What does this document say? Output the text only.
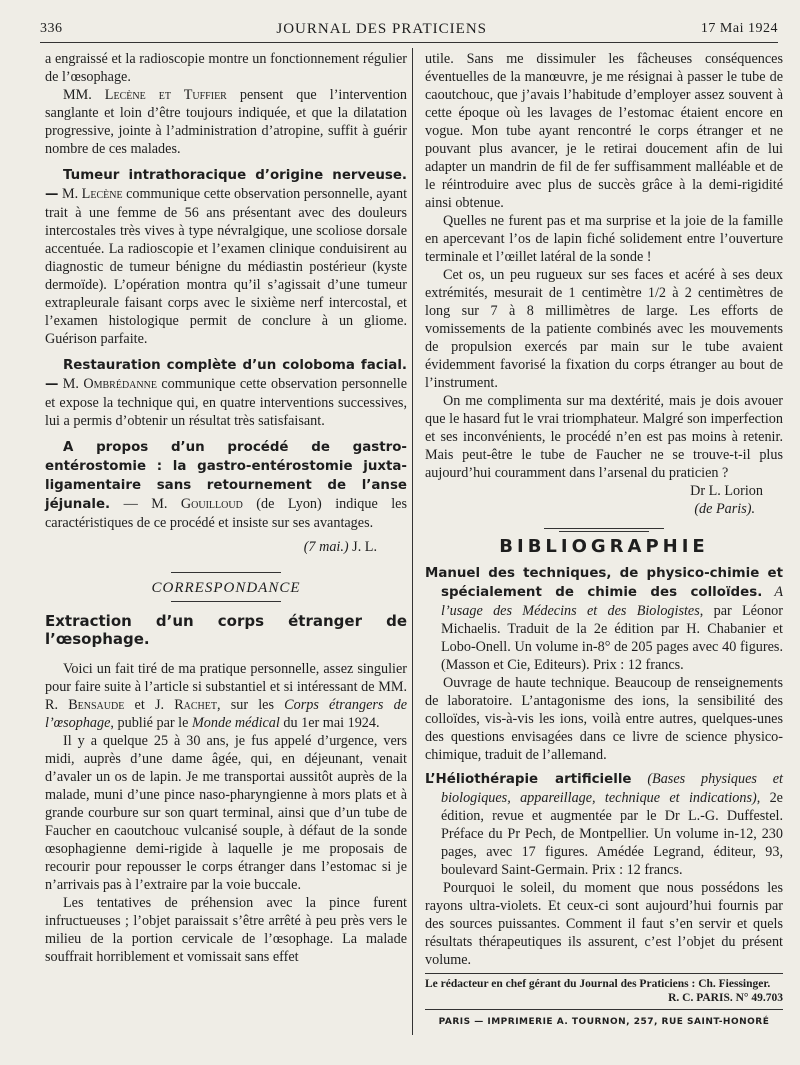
336	JOURNAL DES PRATICIENS	17 Mai 1924

a engraissé et la radioscopie montre un fonctionnement régulier de l’œsophage.

MM. Lecène et Tuffier pensent que l’intervention sanglante et loin d’être toujours indiquée, et que la dilatation progressive, jointe à l’administration d’atropine, suffit à guérir nombre de ces malades.

Tumeur intrathoracique d’origine nerveuse. — M. Lecène communique cette observation personnelle, ayant trait à une femme de 56 ans présentant avec des douleurs intercostales très vives à type névralgique, une scoliose dorsale accentuée. La radioscopie et l’examen clinique conduisirent au diagnostic de tumeur bénigne du médiastin postérieur (kyste dermoïde). L’opération montra qu’il s’agissait d’une tumeur extrapleurale faisant corps avec le sixième nerf intercostal, et l’examen histologique permit de conclure à un gliome. Guérison parfaite.

Restauration complète d’un coloboma facial. — M. Ombrédanne communique cette observation personnelle et expose la technique qui, en quatre interventions successives, lui a permis d’obtenir un résultat très satisfaisant.

A propos d’un procédé de gastro-entérostomie : la gastro-entérostomie juxta-ligamentaire sans retournement de l’anse jéjunale. — M. Gouilloud (de Lyon) indique les caractéristiques de ce procédé et insiste sur ses avantages.

(7 mai.) J. L.

CORRESPONDANCE

Extraction d’un corps étranger de l’œsophage.

Voici un fait tiré de ma pratique personnelle, assez singulier pour faire suite à l’article si substantiel et si intéressant de MM. R. Bensaude et J. Rachet, sur les Corps étrangers de l’œsophage, publié par le Monde médical du 1er mai 1924.

Il y a quelque 25 à 30 ans, je fus appelé d’urgence, vers midi, auprès d’une dame âgée, qui, en déjeunant, venait d’avaler un os de lapin. Je me transportai aussitôt auprès de la malade, muni d’une pince naso-pharyngienne à mors plats et à grande courbure sur son quart terminal, ainsi que d’un tube de Faucher en caoutchouc vulcanisé souple, à défaut de la sonde œsophagienne demi-rigide à laquelle je me proposais de recourir pour repousser le corps étranger dans l’estomac si je n’arrivais pas à l’extraire par la voie buccale.

Les tentatives de préhension avec la pince furent infructueuses ; l’objet paraissait s’être arrêté à peu près vers le milieu de la portion cervicale de l’œsophage. La malade souffrait horriblement et vomissait sans effet

utile. Sans me dissimuler les fâcheuses conséquences éventuelles de la manœuvre, je me résignai à passer le tube de caoutchouc, que j’avais l’habitude d’employer assez souvent à cette époque où les lavages de l’estomac étaient encore en vogue. Mon tube ayant rencontré le corps étranger et ne pouvant plus avancer, je le retirai doucement afin de lui adapter un mandrin de fil de fer suffisamment malléable et de le réintroduire avec plus de succès grâce à la demi-rigidité ainsi obtenue.

Quelles ne furent pas et ma surprise et la joie de la famille en apercevant l’os de lapin fiché solidement entre l’ouverture terminale et l’œillet latéral de la sonde !

Cet os, un peu rugueux sur ses faces et acéré à ses deux extrémités, mesurait de 1 centimètre 1/2 à 2 centimètres de long sur 7 à 8 millimètres de large. Les efforts de vomissements de la patiente combinés avec les mouvements de propulsion exercés par main sur le tube avaient évidemment favorisé la fixation du corps étranger au bout de l’instrument.

On me complimenta sur ma dextérité, mais je dois avouer que le hasard fut le vrai triomphateur. Malgré son imperfection et ses inconvénients, le procédé n’en est pas moins à retenir. Mais peut-être le tube de Faucher ne se trouve-t-il plus aujourd’hui couramment dans l’arsenal du praticien ?

Dr L. Lorion

(de Paris).

BIBLIOGRAPHIE

Manuel des techniques, de physico-chimie et spécialement de chimie des colloïdes. A l’usage des Médecins et des Biologistes, par Léonor Michaelis. Traduit de la 2e édition par H. Chabanier et Lobo-Onell. Un volume in-8° de 205 pages avec 40 figures. (Masson et Cie, Editeurs). Prix : 12 francs.

Ouvrage de haute technique. Beaucoup de renseignements de laboratoire. L’antagonisme des ions, la sensibilité des colloïdes, vis-à-vis les ions, voilà entre autres, quelques-unes des questions envisagées dans ce livre de science physico-chimique, traduit de l’allemand.

L’Héliothérapie artificielle (Bases physiques et biologiques, appareillage, technique et indications), 2e édition, revue et augmentée par le Dr L.-G. Duffestel. Préface du Pr Pech, de Montpellier. Un volume in-12, 230 pages, avec 17 figures. Amédée Legrand, éditeur, 93, boulevard Saint-Germain. Prix : 12 francs.

Pourquoi le soleil, du moment que nous possédons les rayons ultra-violets. Et ceux-ci sont aujourd’hui fournis par des sources puissantes. Comment il faut s’en servir et quels résultats thérapeutiques ils assurent, c’est l’objet du présent volume.

Le rédacteur en chef gérant du Journal des Praticiens : Ch. Fiessinger.

R. C. PARIS. N° 49.703

PARIS — IMPRIMERIE A. TOURNON, 257, RUE SAINT-HONORÉ
